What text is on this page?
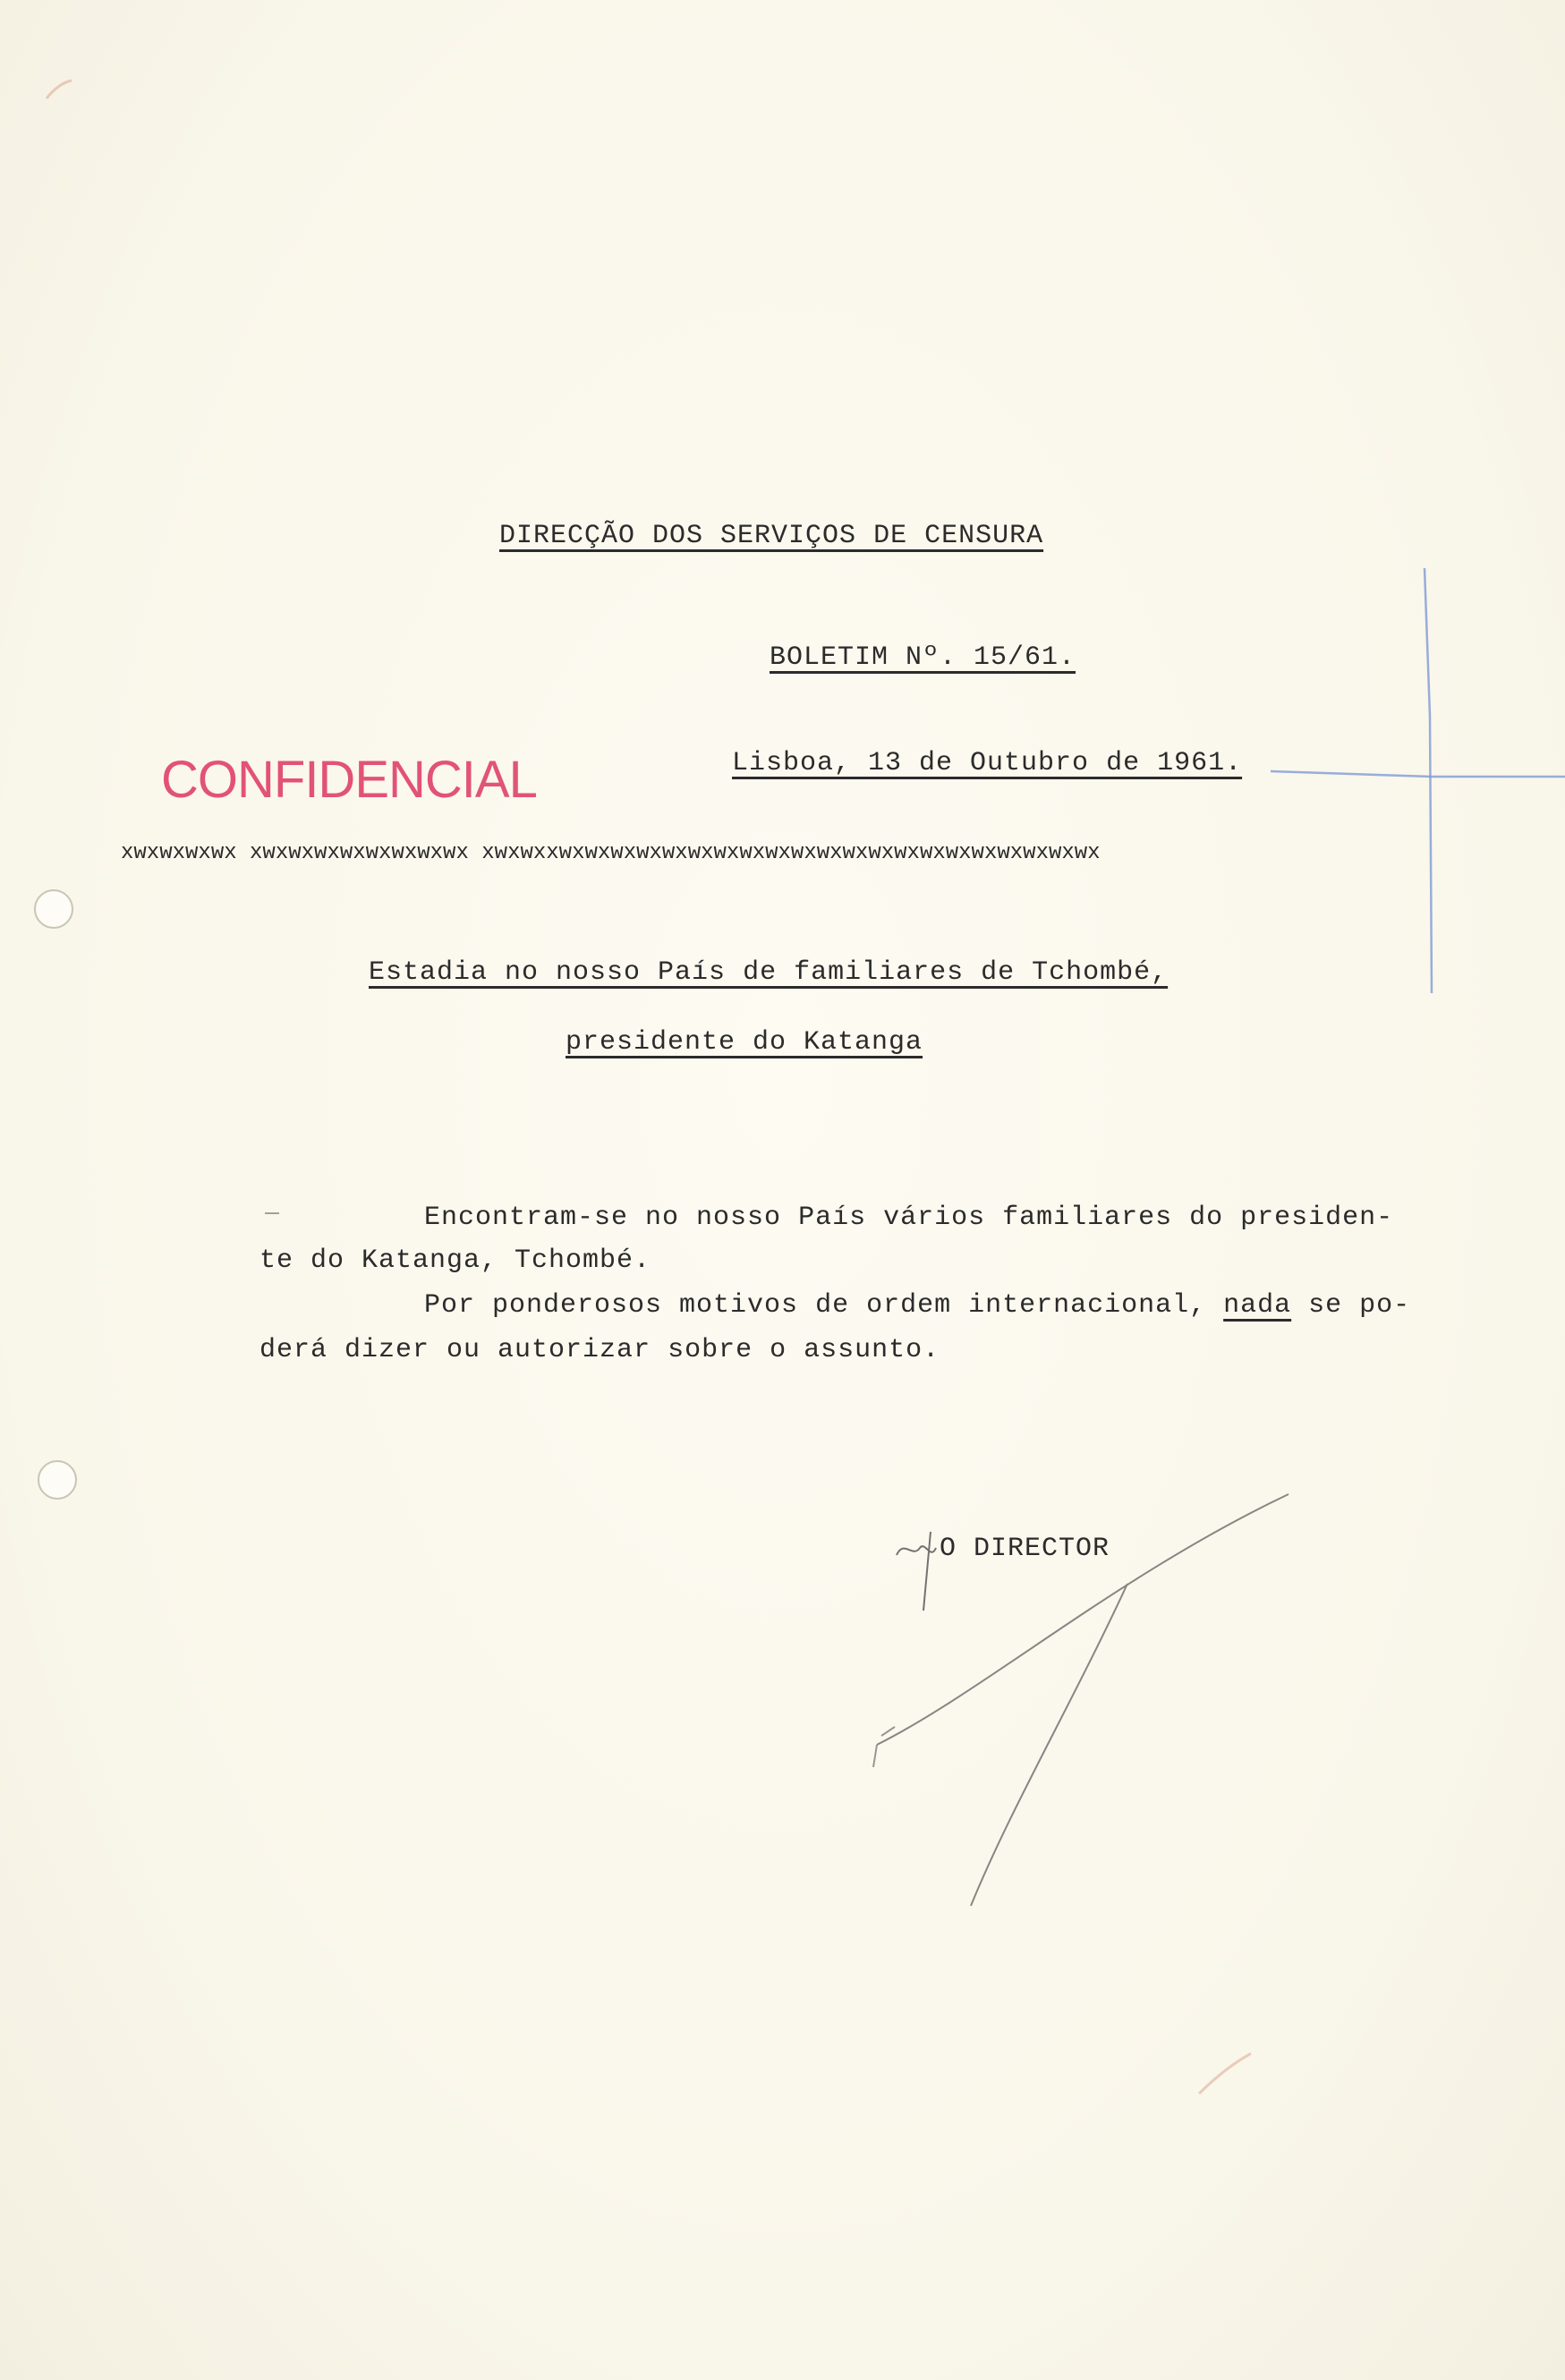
DIRECÇÃO DOS SERVIÇOS DE CENSURA
BOLETIM Nº. 15/61.
CONFIDENCIAL	Lisboa, 13 de Outubro de 1961.
xwxwxwxwx xwxwxwxwxwxwxwxwx xwxwxxwxwxwxwxwxwxwxwxwxwxwxwxwxwxwxwxwxwxwxwxwx
Estadia no nosso País de familiares de Tchombé,
presidente do Katanga
Encontram-se no nosso País vários familiares do presiden-
te do Katanga, Tchombé.
Por ponderosos motivos de ordem internacional, nada se po-
derá dizer ou autorizar sobre o assunto.
O DIRECTOR
